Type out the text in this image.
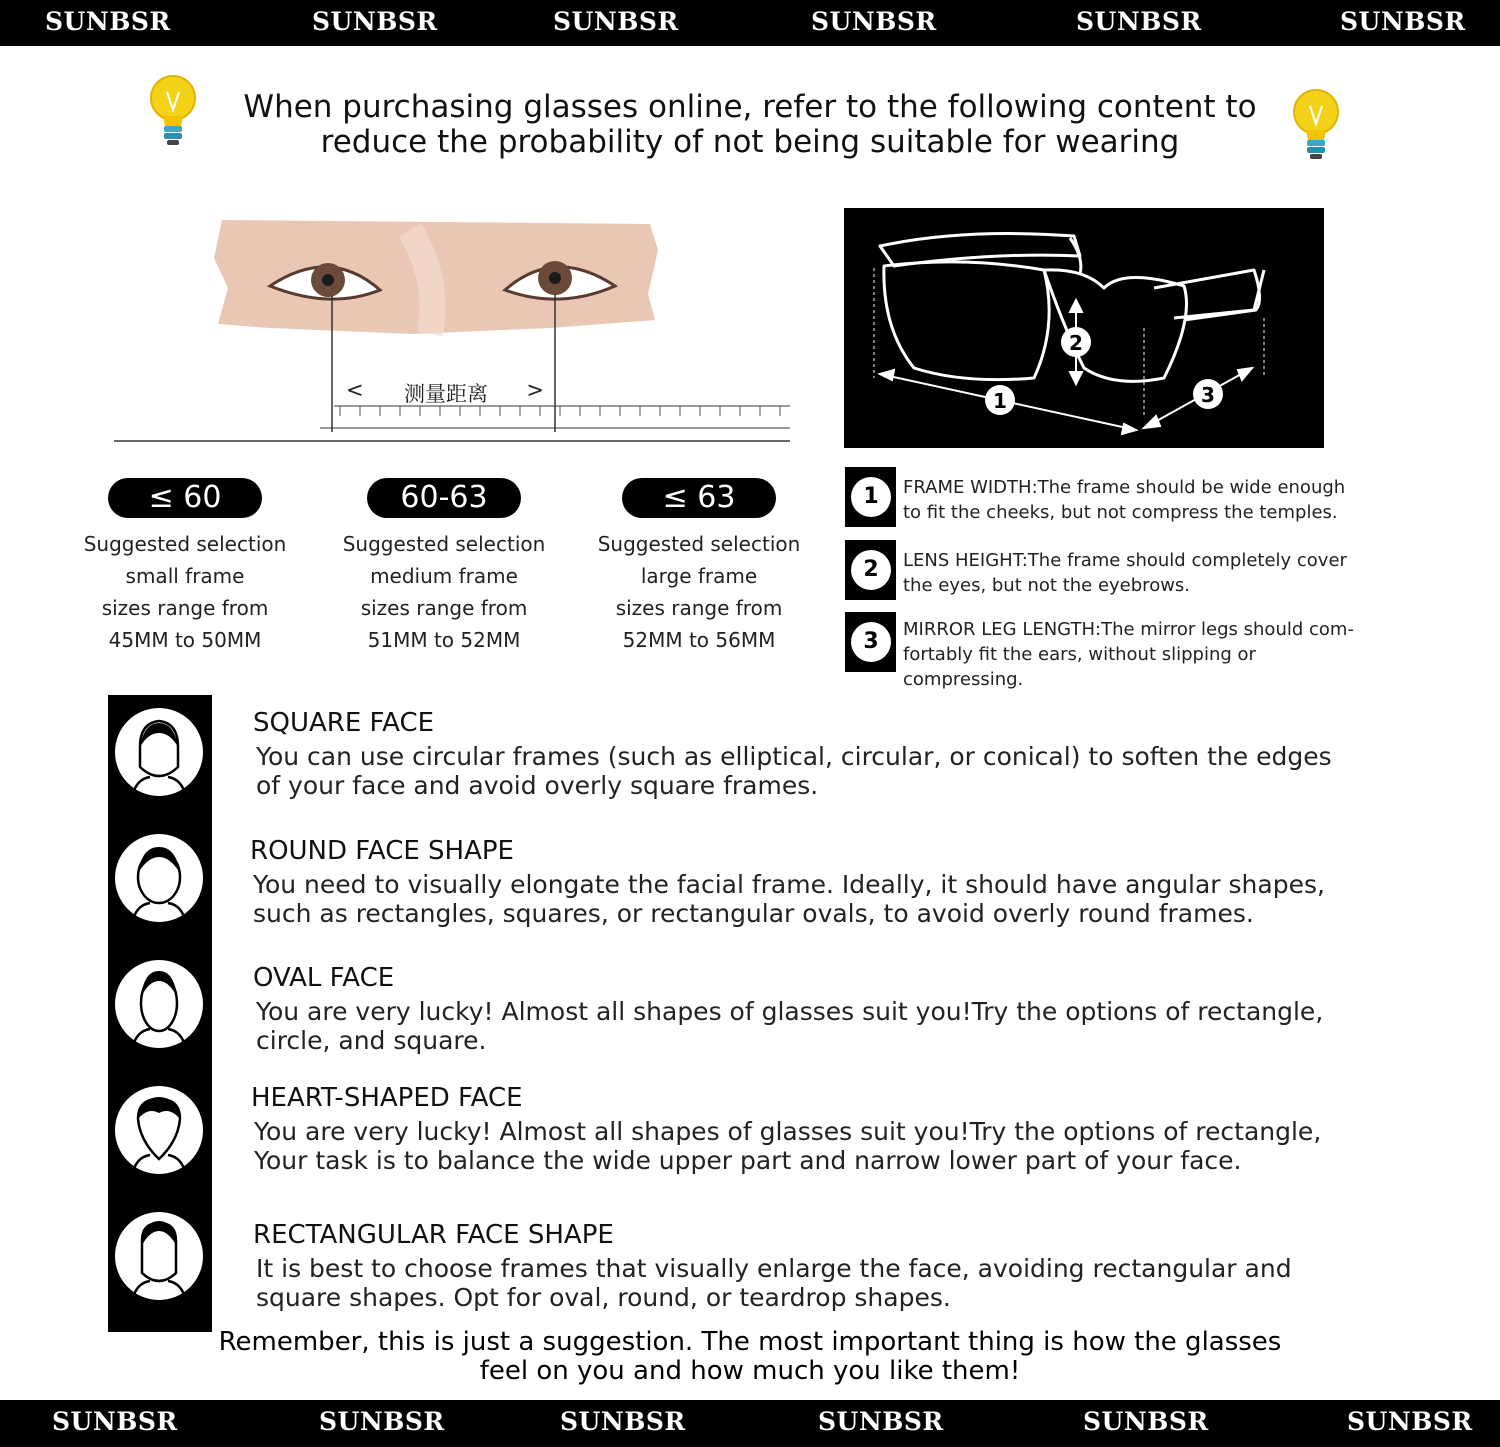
SUNBSR	SUNBSR	SUNBSR	SUNBSR	SUNBSR	SUNBSR
When purchasing glasses online, refer to the following content to
reduce the probability of not being suitable for wearing
< 测量距离 >	1
2
3
≤ 60
Suggested selection
small frame
sizes range from
45MM to 50MM
60-63
Suggested selection
medium frame
sizes range from
51MM to 52MM
≤ 63
Suggested selection
large frame
sizes range from
52MM to 56MM
1	FRAME WIDTH:The frame should be wide enough
to fit the cheeks, but not compress the temples.
2	LENS HEIGHT:The frame should completely cover
the eyes, but not the eyebrows.
3	MIRROR LEG LENGTH:The mirror legs should com-
fortably fit the ears, without slipping or compressing.
SQUARE FACE
You can use circular frames (such as elliptical, circular, or conical) to soften the edges
of your face and avoid overly square frames.
ROUND FACE SHAPE
You need to visually elongate the facial frame. Ideally, it should have angular shapes,
such as rectangles, squares, or rectangular ovals, to avoid overly round frames.
OVAL FACE
You are very lucky! Almost all shapes of glasses suit you!Try the options of rectangle,
circle, and square.
HEART-SHAPED FACE
You are very lucky! Almost all shapes of glasses suit you!Try the options of rectangle,
Your task is to balance the wide upper part and narrow lower part of your face.
RECTANGULAR FACE SHAPE
It is best to choose frames that visually enlarge the face, avoiding rectangular and
square shapes. Opt for oval, round, or teardrop shapes.
Remember, this is just a suggestion. The most important thing is how the glasses
feel on you and how much you like them!
SUNBSR	SUNBSR	SUNBSR	SUNBSR	SUNBSR	SUNBSR
